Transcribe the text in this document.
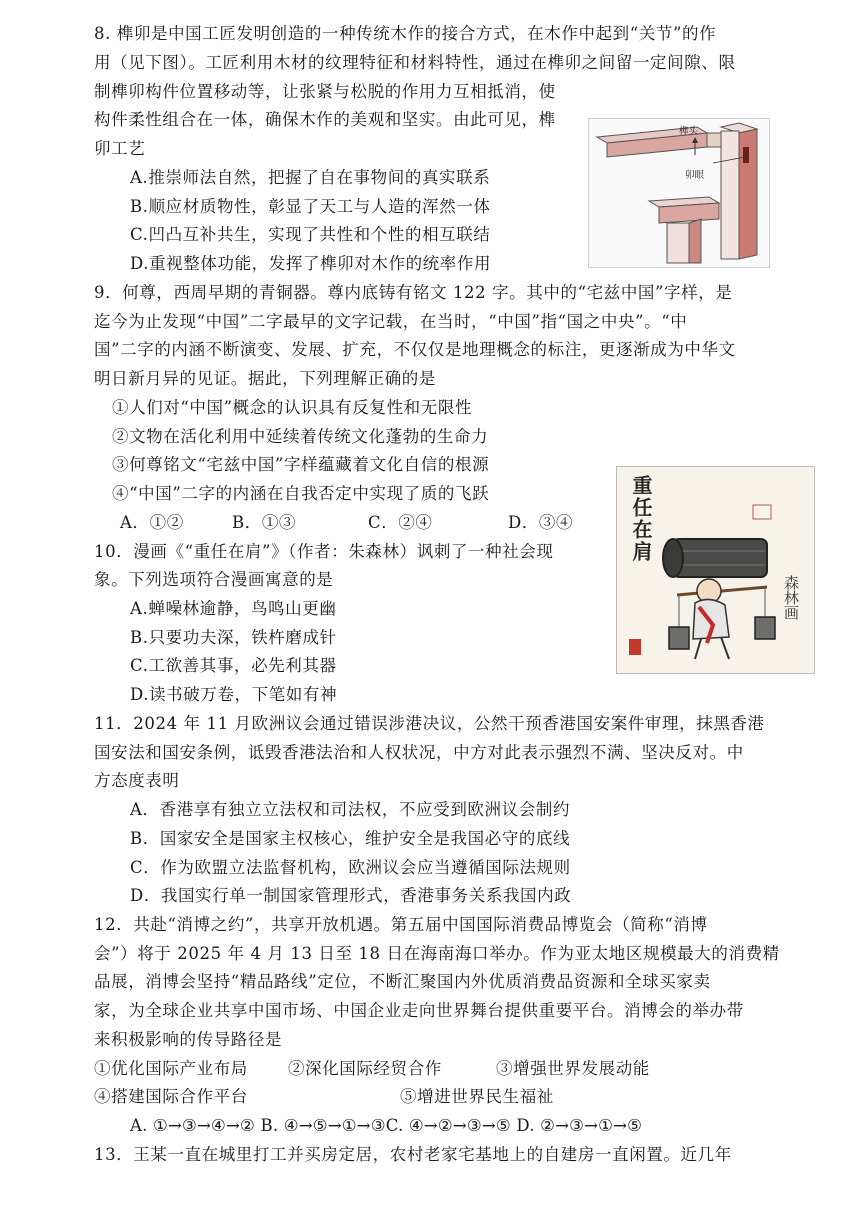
8. 榫卯是中国工匠发明创造的一种传统木作的接合方式，在木作中起到“关节”的作
用（见下图）。工匠利用木材的纹理特征和材料特性，通过在榫卯之间留一定间隙、限
制榫卯构件位置移动等，让张紧与松脱的作用力互相抵消，使
构件柔性组合在一体，确保木作的美观和坚实。由此可见，榫
卯工艺
A.推崇师法自然，把握了自在事物间的真实联系
B.顺应材质物性，彰显了天工与人造的浑然一体
C.凹凸互补共生，实现了共性和个性的相互联结
D.重视整体功能，发挥了榫卯对木作的统率作用
榫头
卯眼
9．何尊，西周早期的青铜器。尊内底铸有铭文 122 字。其中的“宅兹中国”字样，是
迄今为止发现“中国”二字最早的文字记载，在当时，“中国”指“国之中央”。“中
国”二字的内涵不断演变、发展、扩充，不仅仅是地理概念的标注，更逐渐成为中华文
明日新月异的见证。据此，下列理解正确的是
①人们对“中国”概念的认识具有反复性和无限性
②文物在活化利用中延续着传统文化蓬勃的生命力
③何尊铭文“宅兹中国”字样蕴藏着文化自信的根源
④“中国”二字的内涵在自我否定中实现了质的飞跃
A．①②	B．①③	C．②④	D．③④
10．漫画《“重任在肩”》（作者：朱森林）讽刺了一种社会现
象。下列选项符合漫画寓意的是
A.蝉噪林逾静，鸟鸣山更幽
B.只要功夫深，铁杵磨成针
C.工欲善其事，必先利其器
D.读书破万卷，下笔如有神
重任在肩
森林画
11．2024 年 11 月欧洲议会通过错误涉港决议，公然干预香港国安案件审理，抹黑香港
国安法和国安条例，诋毁香港法治和人权状况，中方对此表示强烈不满、坚决反对。中
方态度表明
A．香港享有独立立法权和司法权，不应受到欧洲议会制约
B．国家安全是国家主权核心，维护安全是我国必守的底线
C．作为欧盟立法监督机构，欧洲议会应当遵循国际法规则
D．我国实行单一制国家管理形式，香港事务关系我国内政
12．共赴“消博之约”，共享开放机遇。第五届中国国际消费品博览会（简称“消博
会”）将于 2025 年 4 月 13 日至 18 日在海南海口举办。作为亚太地区规模最大的消费精
品展，消博会坚持“精品路线”定位，不断汇聚国内外优质消费品资源和全球买家卖
家，为全球企业共享中国市场、中国企业走向世界舞台提供重要平台。消博会的举办带
来积极影响的传导路径是
①优化国际产业布局 ②深化国际经贸合作	③增强世界发展动能
④搭建国际合作平台	⑤增进世界民生福祉
A. ①→③→④→② B. ④→⑤→①→③C. ④→②→③→⑤ D. ②→③→①→⑤
13．王某一直在城里打工并买房定居，农村老家宅基地上的自建房一直闲置。近几年
